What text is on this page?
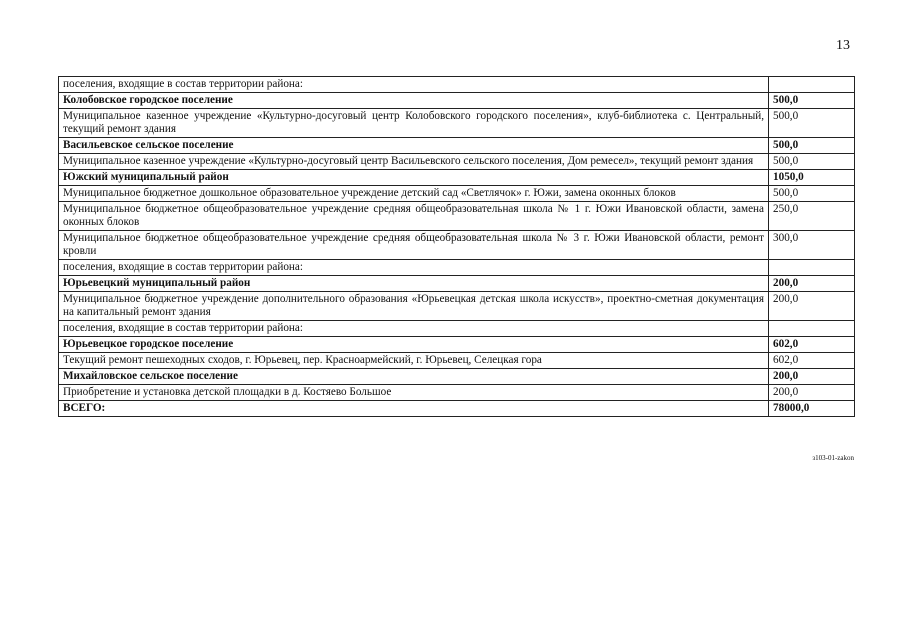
13
поселения, входящие в состав территории района:	
Колобовское городское поселение	500,0
Муниципальное казенное учреждение «Культурно-досуговый центр Колобовского городского поселения», клуб-библиотека с. Центральный, текущий ремонт здания	500,0
Васильевское сельское поселение	500,0
Муниципальное казенное учреждение «Культурно-досуговый центр Васильевского сельского поселения, Дом ремесел», текущий ремонт здания	500,0
Южский муниципальный район	1050,0
Муниципальное бюджетное дошкольное образовательное учреждение детский сад «Светлячок» г. Южи, замена оконных блоков	500,0
Муниципальное бюджетное общеобразовательное учреждение средняя общеобразовательная школа № 1 г. Южи Ивановской области, замена оконных блоков	250,0
Муниципальное бюджетное общеобразовательное учреждение средняя общеобразовательная школа № 3 г. Южи Ивановской области, ремонт кровли	300,0
поселения, входящие в состав территории района:	
Юрьевецкий муниципальный район	200,0
Муниципальное бюджетное учреждение дополнительного образования «Юрьевецкая детская школа искусств», проектно-сметная документация на капитальный ремонт здания	200,0
поселения, входящие в состав территории района:	
Юрьевецкое городское поселение	602,0
Текущий ремонт пешеходных сходов, г. Юрьевец, пер. Красноармейский, г. Юрьевец, Селецкая гора	602,0
Михайловское сельское поселение	200,0
Приобретение и установка детской площадки в д. Костяево Большое	200,0
ВСЕГО:	78000,0
з103-01-zakon
